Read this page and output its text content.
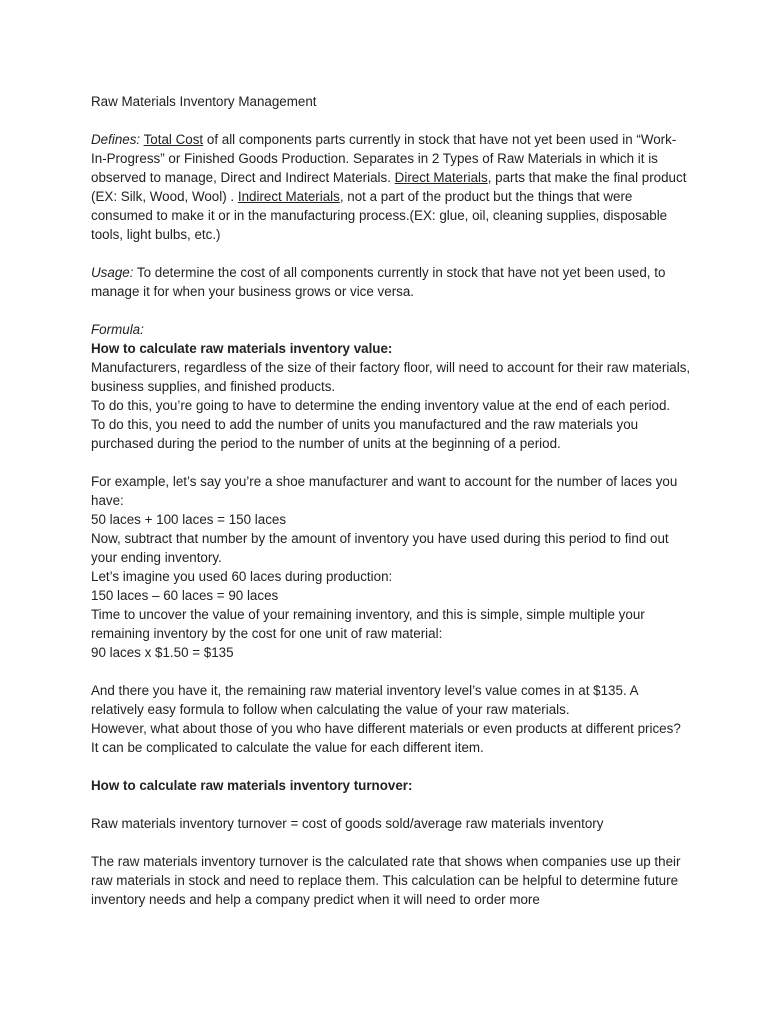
Raw Materials Inventory Management

Defines: Total Cost of all components parts currently in stock that have not yet been used in “Work-In-Progress” or Finished Goods Production. Separates in 2 Types of Raw Materials in which it is observed to manage, Direct and Indirect Materials. Direct Materials, parts that make the final product (EX: Silk, Wood, Wool) . Indirect Materials, not a part of the product but the things that were consumed to make it or in the manufacturing process.(EX: glue, oil, cleaning supplies, disposable tools, light bulbs, etc.)

Usage: To determine the cost of all components currently in stock that have not yet been used, to manage it for when your business grows or vice versa.

Formula:

How to calculate raw materials inventory value:

Manufacturers, regardless of the size of their factory floor, will need to account for their raw materials, business supplies, and finished products.

To do this, you’re going to have to determine the ending inventory value at the end of each period.

To do this, you need to add the number of units you manufactured and the raw materials you purchased during the period to the number of units at the beginning of a period.

For example, let’s say you’re a shoe manufacturer and want to account for the number of laces you have:

50 laces + 100 laces = 150 laces

Now, subtract that number by the amount of inventory you have used during this period to find out your ending inventory.

Let’s imagine you used 60 laces during production:

150 laces – 60 laces = 90 laces

Time to uncover the value of your remaining inventory, and this is simple, simple multiple your remaining inventory by the cost for one unit of raw material:

90 laces x $1.50 = $135

And there you have it, the remaining raw material inventory level’s value comes in at $135. A relatively easy formula to follow when calculating the value of your raw materials.

However, what about those of you who have different materials or even products at different prices? It can be complicated to calculate the value for each different item.

How to calculate raw materials inventory turnover:

Raw materials inventory turnover = cost of goods sold/average raw materials inventory

The raw materials inventory turnover is the calculated rate that shows when companies use up their raw materials in stock and need to replace them. This calculation can be helpful to determine future inventory needs and help a company predict when it will need to order more
